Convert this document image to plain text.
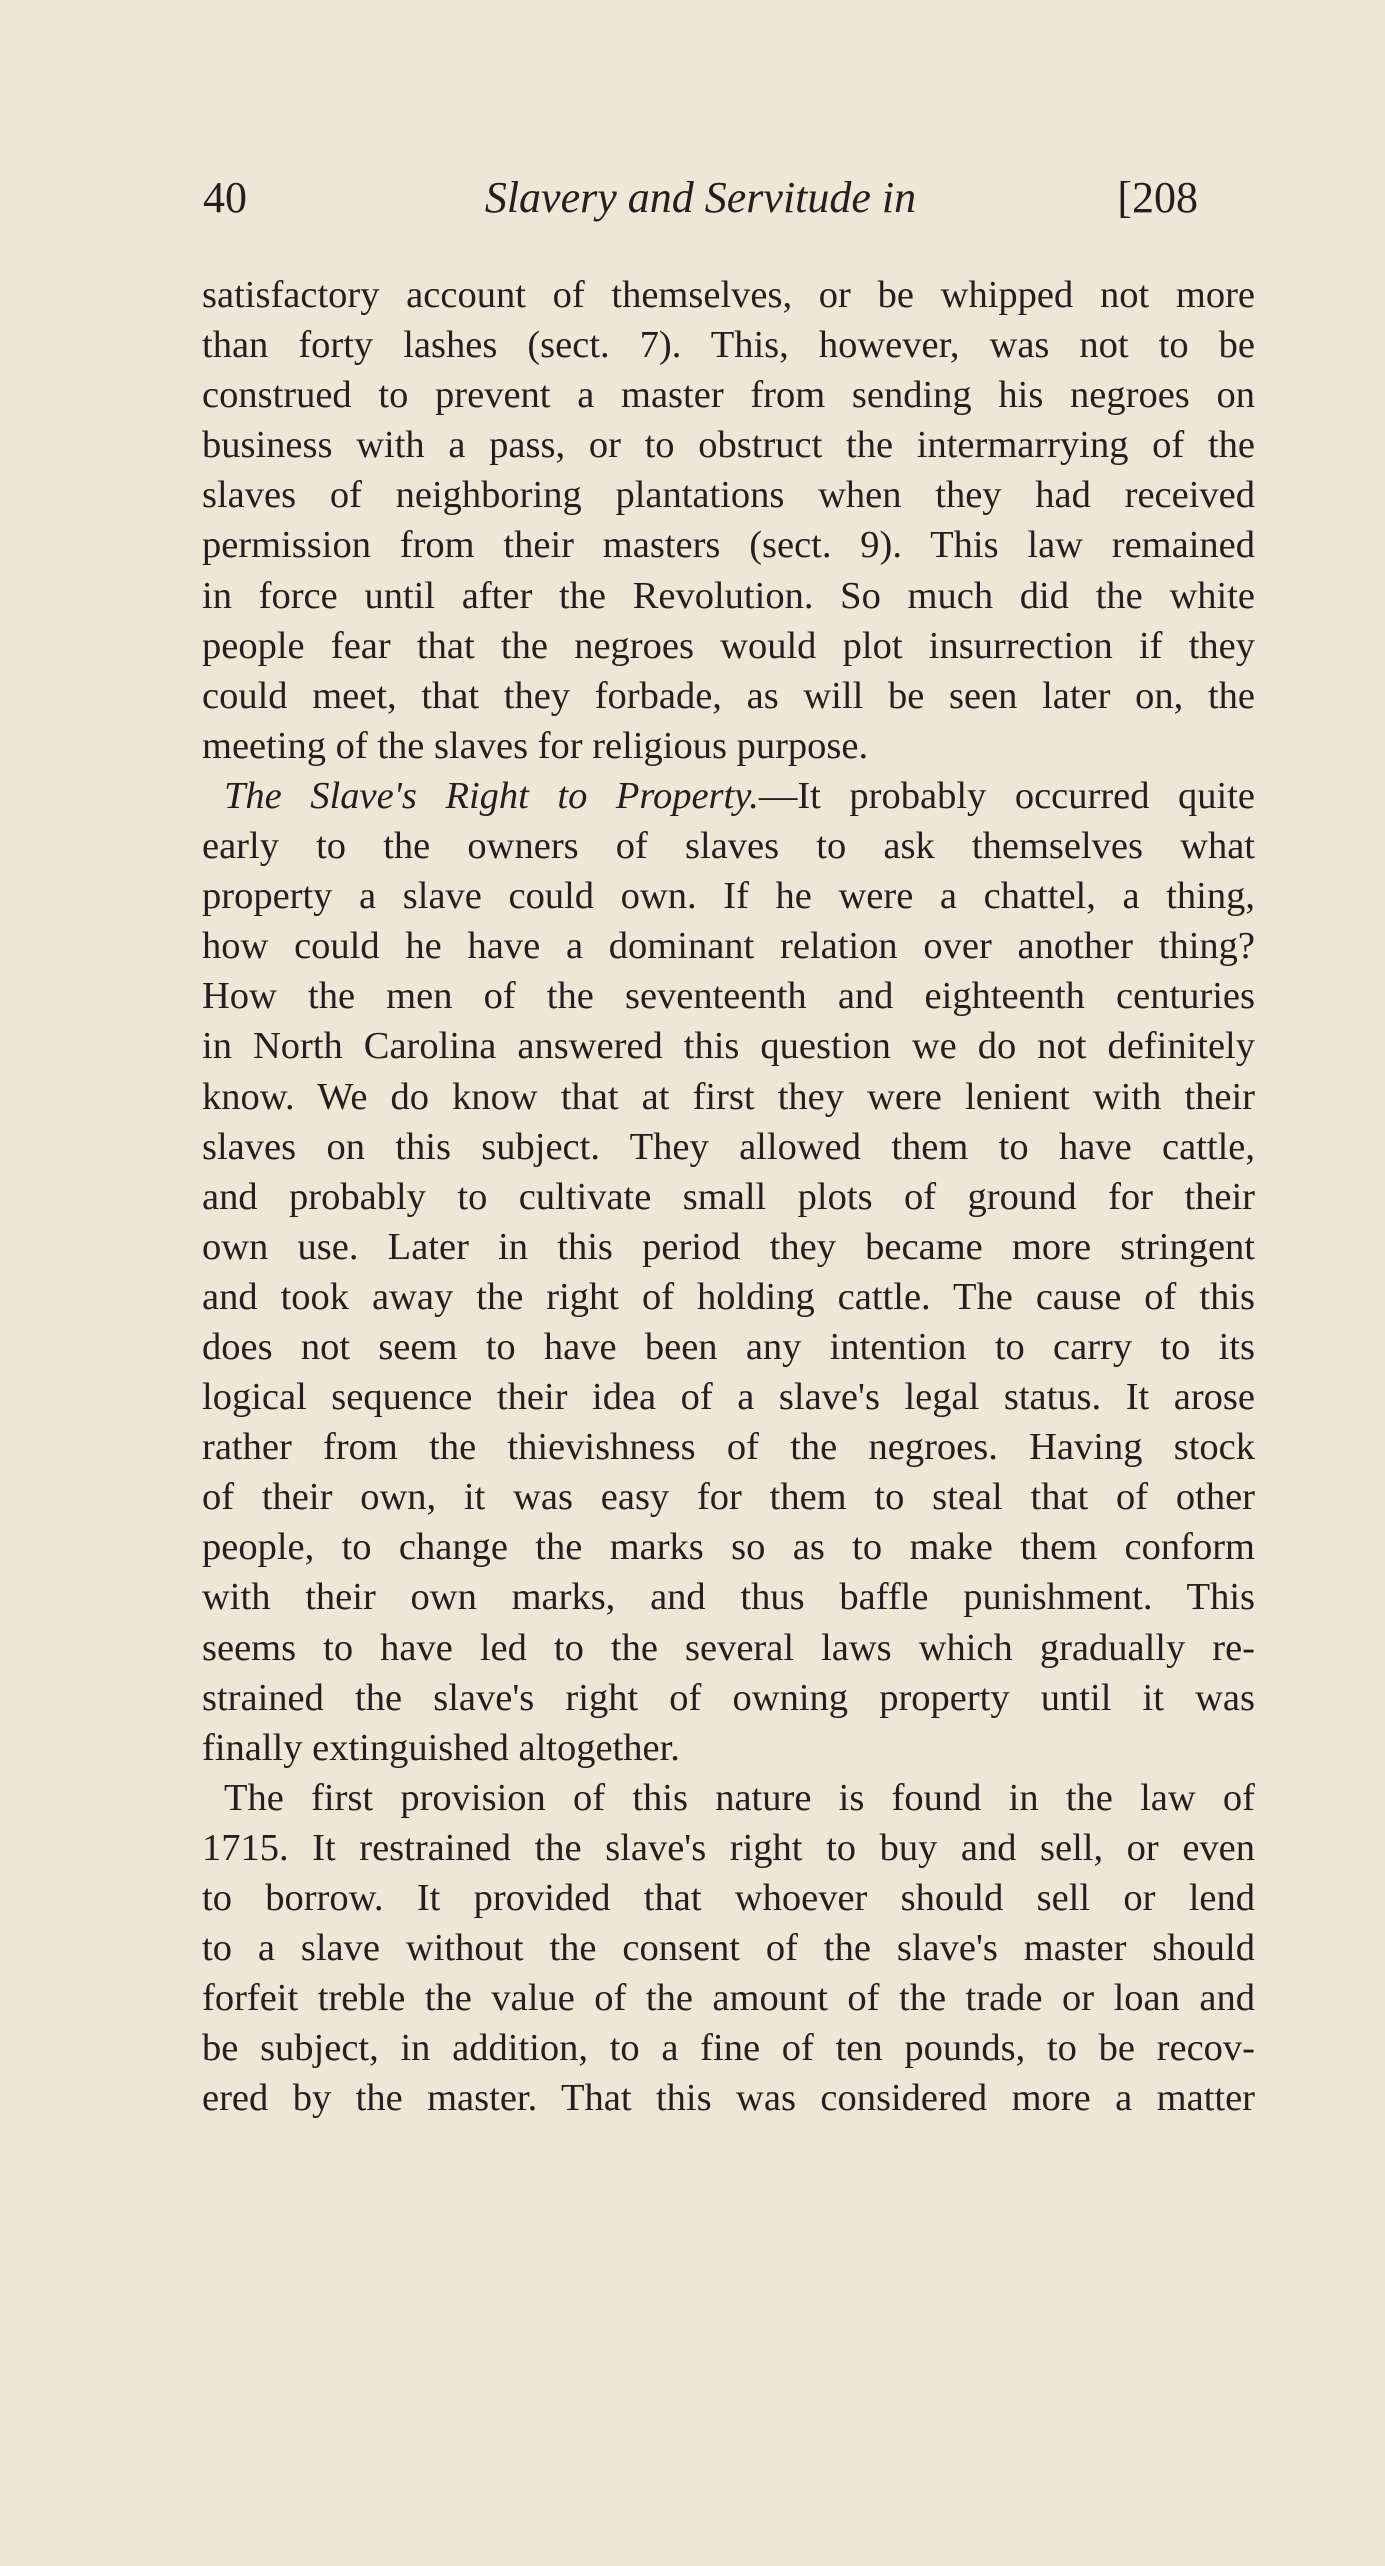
40	Slavery and Servitude in	[208
satisfactory account of themselves, or be whipped not more
than forty lashes (sect. 7). This, however, was not to be
construed to prevent a master from sending his negroes on
business with a pass, or to obstruct the intermarrying of the
slaves of neighboring plantations when they had received
permission from their masters (sect. 9). This law remained
in force until after the Revolution. So much did the white
people fear that the negroes would plot insurrection if they
could meet, that they forbade, as will be seen later on, the
meeting of the slaves for religious purpose.
The Slave's Right to Property.—It probably occurred quite
early to the owners of slaves to ask themselves what
property a slave could own. If he were a chattel, a thing,
how could he have a dominant relation over another thing?
How the men of the seventeenth and eighteenth centuries
in North Carolina answered this question we do not definitely
know. We do know that at first they were lenient with their
slaves on this subject. They allowed them to have cattle,
and probably to cultivate small plots of ground for their
own use. Later in this period they became more stringent
and took away the right of holding cattle. The cause of this
does not seem to have been any intention to carry to its
logical sequence their idea of a slave's legal status. It arose
rather from the thievishness of the negroes. Having stock
of their own, it was easy for them to steal that of other
people, to change the marks so as to make them conform
with their own marks, and thus baffle punishment. This
seems to have led to the several laws which gradually re-
strained the slave's right of owning property until it was
finally extinguished altogether.
The first provision of this nature is found in the law of
1715. It restrained the slave's right to buy and sell, or even
to borrow. It provided that whoever should sell or lend
to a slave without the consent of the slave's master should
forfeit treble the value of the amount of the trade or loan and
be subject, in addition, to a fine of ten pounds, to be recov-
ered by the master. That this was considered more a matter
